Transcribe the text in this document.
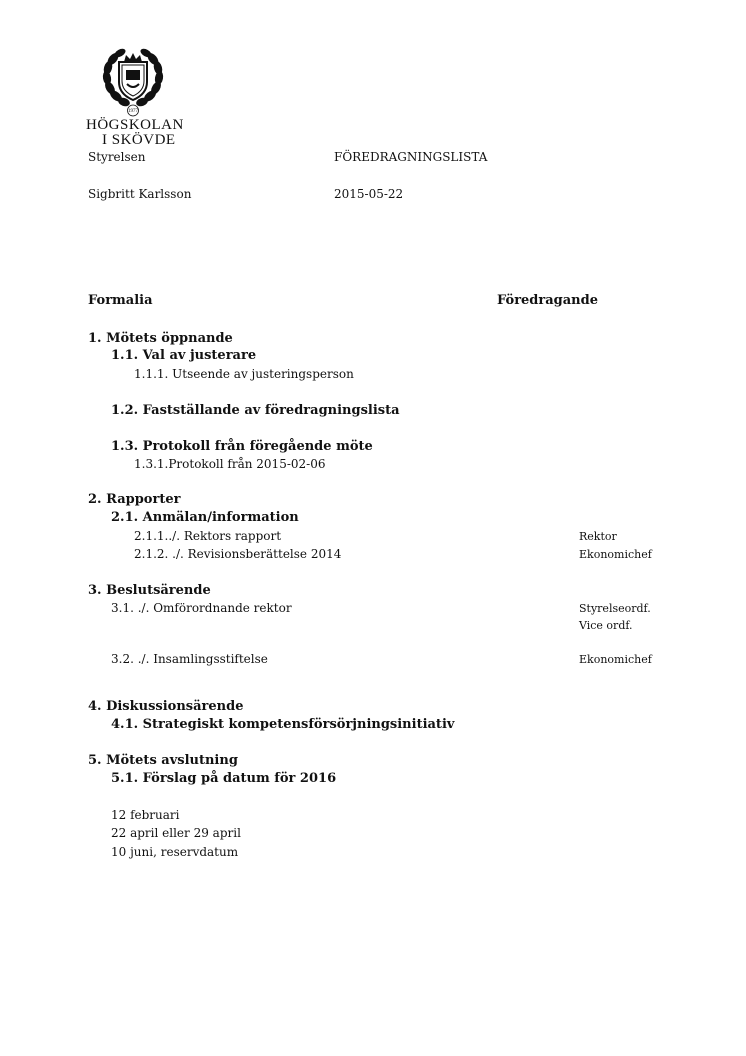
1977
HÖGSKOLAN
I SKÖVDE
Styrelsen	FÖREDRAGNINGSLISTA
Sigbritt Karlsson	2015-05-22
Formalia	Föredragande
1. Mötets öppnande
1.1. Val av justerare
1.1.1. Utseende av justeringsperson
1.2. Fastställande av föredragningslista
1.3. Protokoll från föregående möte
1.3.1.Protokoll från 2015-02-06
2. Rapporter
2.1. Anmälan/information
2.1.1../. Rektors rapport	Rektor
2.1.2. ./. Revisionsberättelse 2014	Ekonomichef
3. Beslutsärende
3.1. ./. Omförordnande rektor	Styrelseordf.
Vice ordf.
3.2. ./. Insamlingsstiftelse	Ekonomichef
4. Diskussionsärende
4.1. Strategiskt kompetensförsörjningsinitiativ
5. Mötets avslutning
5.1. Förslag på datum för 2016
12 februari
22 april eller 29 april
10 juni, reservdatum
